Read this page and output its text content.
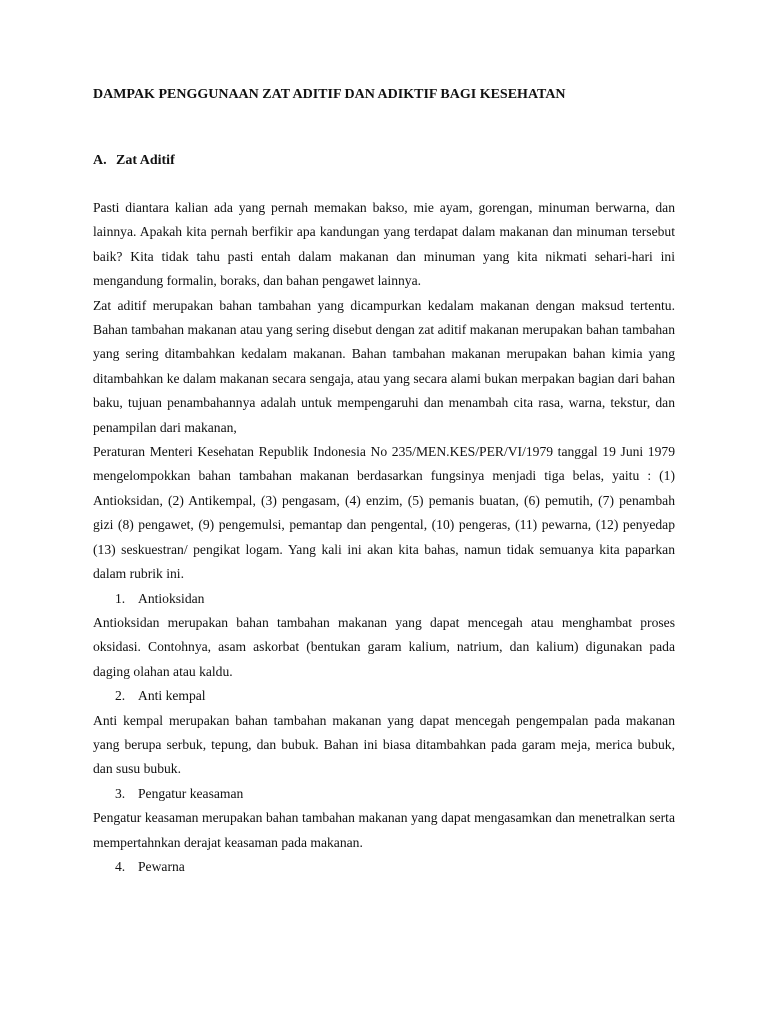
DAMPAK PENGGUNAAN ZAT ADITIF DAN ADIKTIF BAGI KESEHATAN
A. Zat Aditif

Pasti diantara kalian ada yang pernah memakan bakso, mie ayam, gorengan, minuman berwarna, dan lainnya. Apakah kita pernah berfikir apa kandungan yang terdapat dalam makanan dan minuman tersebut baik? Kita tidak tahu pasti entah dalam makanan dan minuman yang kita nikmati sehari-hari ini mengandung formalin, boraks, dan bahan pengawet lainnya.

Zat aditif merupakan bahan tambahan yang dicampurkan kedalam makanan dengan maksud tertentu. Bahan tambahan makanan atau yang sering disebut dengan zat aditif makanan merupakan bahan tambahan yang sering ditambahkan kedalam makanan. Bahan tambahan makanan merupakan bahan kimia yang ditambahkan ke dalam makanan secara sengaja, atau yang secara alami bukan merpakan bagian dari bahan baku, tujuan penambahannya adalah untuk mempengaruhi dan menambah cita rasa, warna, tekstur, dan penampilan dari makanan,

Peraturan Menteri Kesehatan Republik Indonesia No 235/MEN.KES/PER/VI/1979 tanggal 19 Juni 1979 mengelompokkan bahan tambahan makanan berdasarkan fungsinya menjadi tiga belas, yaitu : (1) Antioksidan, (2) Antikempal, (3) pengasam, (4) enzim, (5) pemanis buatan, (6) pemutih, (7) penambah gizi (8) pengawet, (9) pengemulsi, pemantap dan pengental, (10) pengeras, (11) pewarna, (12) penyedap (13) seskuestran/ pengikat logam. Yang kali ini akan kita bahas, namun tidak semuanya kita paparkan dalam rubrik ini.

1. Antioksidan

Antioksidan merupakan bahan tambahan makanan yang dapat mencegah atau menghambat proses oksidasi. Contohnya, asam askorbat (bentukan garam kalium, natrium, dan kalium) digunakan pada daging olahan atau kaldu.

2. Anti kempal

Anti kempal merupakan bahan tambahan makanan yang dapat mencegah pengempalan pada makanan yang berupa serbuk, tepung, dan bubuk. Bahan ini biasa ditambahkan pada garam meja, merica bubuk, dan susu bubuk.

3. Pengatur keasaman

Pengatur keasaman merupakan bahan tambahan makanan yang dapat mengasamkan dan menetralkan serta mempertahnkan derajat keasaman pada makanan.

4. Pewarna
